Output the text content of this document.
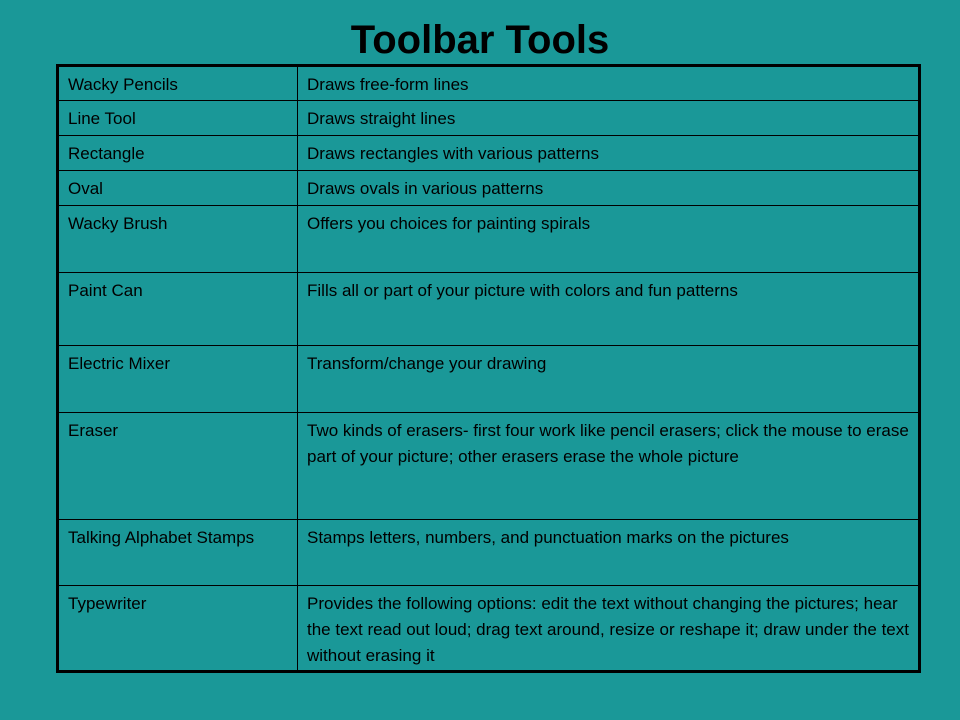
Toolbar Tools
Wacky Pencils	Draws free-form lines
Line Tool	Draws straight lines
Rectangle	Draws rectangles with various patterns
Oval	Draws ovals in various patterns
Wacky Brush	Offers you choices for painting spirals
Paint Can	Fills all or part of your picture with colors and fun patterns
Electric Mixer	Transform/change your drawing
Eraser	Two kinds of erasers- first four work like pencil erasers; click the mouse to erase part of your picture; other erasers erase the whole picture
Talking Alphabet Stamps	Stamps letters, numbers, and punctuation marks on the pictures
Typewriter	Provides the following options: edit the text without changing the pictures; hear the text read out loud; drag text around, resize or reshape it; draw under the text without erasing it
